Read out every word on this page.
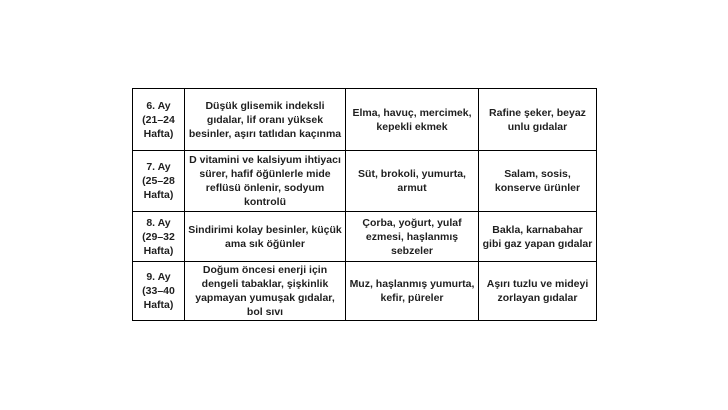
6. Ay
(21–24
Hafta)	Düşük glisemik indeksli gıdalar, lif oranı yüksek besinler, aşırı tatlıdan kaçınma	Elma, havuç, mercimek, kepekli ekmek	Rafine şeker, beyaz unlu gıdalar
7. Ay
(25–28
Hafta)	D vitamini ve kalsiyum ihtiyacı sürer, hafif öğünlerle mide reflüsü önlenir, sodyum kontrolü	Süt, brokoli, yumurta, armut	Salam, sosis, konserve ürünler
8. Ay
(29–32
Hafta)	Sindirimi kolay besinler, küçük ama sık öğünler	Çorba, yoğurt, yulaf ezmesi, haşlanmış sebzeler	Bakla, karnabahar gibi gaz yapan gıdalar
9. Ay
(33–40
Hafta)	Doğum öncesi enerji için dengeli tabaklar, şişkinlik yapmayan yumuşak gıdalar, bol sıvı	Muz, haşlanmış yumurta, kefir, püreler	Aşırı tuzlu ve mideyi zorlayan gıdalar
